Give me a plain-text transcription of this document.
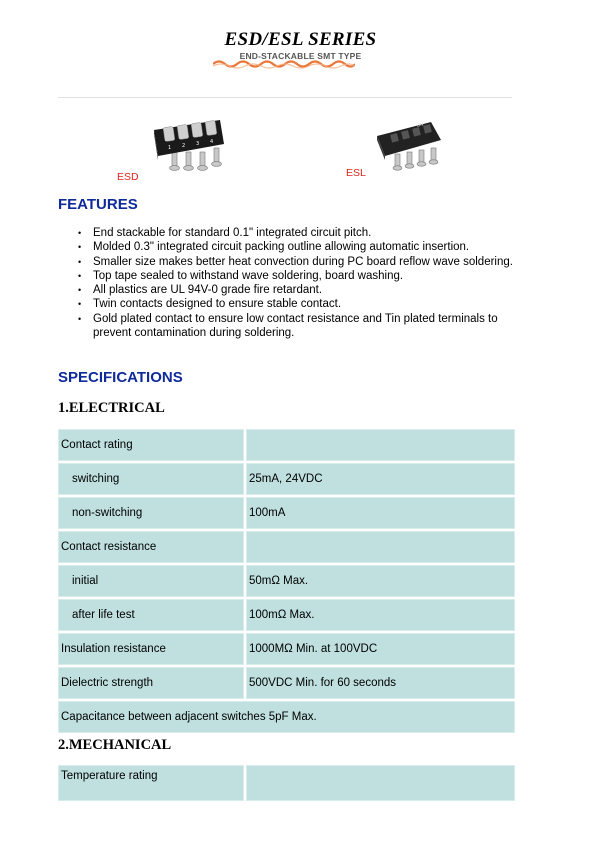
ESD/ESL SERIES
END-STACKABLE SMT TYPE
1 2 3 4
ESD
ON
ESL
FEATURES
• End stackable for standard 0.1" integrated circuit pitch.
• Molded 0.3" integrated circuit packing outline allowing automatic insertion.
• Smaller size makes better heat convection during PC board reflow wave soldering.
• Top tape sealed to withstand wave soldering, board washing.
• All plastics are UL 94V-0 grade fire retardant.
• Twin contacts designed to ensure stable contact.
• Gold plated contact to ensure low contact resistance and Tin plated terminals to prevent contamination during soldering.
SPECIFICATIONS
1.ELECTRICAL
Contact rating	
switching	25mA, 24VDC
non-switching	100mA
Contact resistance	
initial	50mΩ Max.
after life test	100mΩ Max.
Insulation resistance	1000MΩ Min. at 100VDC
Dielectric strength	500VDC Min. for 60 seconds
Capacitance between adjacent switches 5pF Max.	
2.MECHANICAL
Temperature rating	
